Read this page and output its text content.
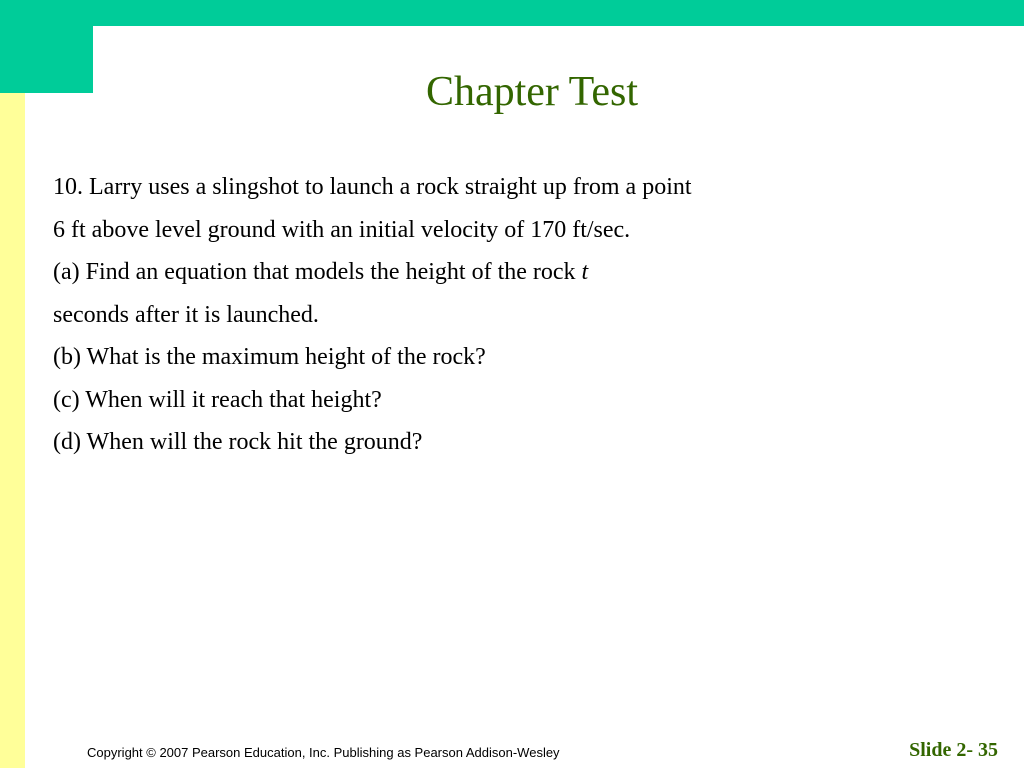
Chapter Test
10. Larry uses a slingshot to launch a rock straight up from a point
6 ft above level ground with an initial velocity of 170 ft/sec.
(a) Find an equation that models the height of the rock t
seconds after it is launched.
(b) What is the maximum height of the rock?
(c) When will it reach that height?
(d) When will the rock hit the ground?
Copyright © 2007 Pearson Education, Inc. Publishing as Pearson Addison-Wesley	Slide 2- 35
